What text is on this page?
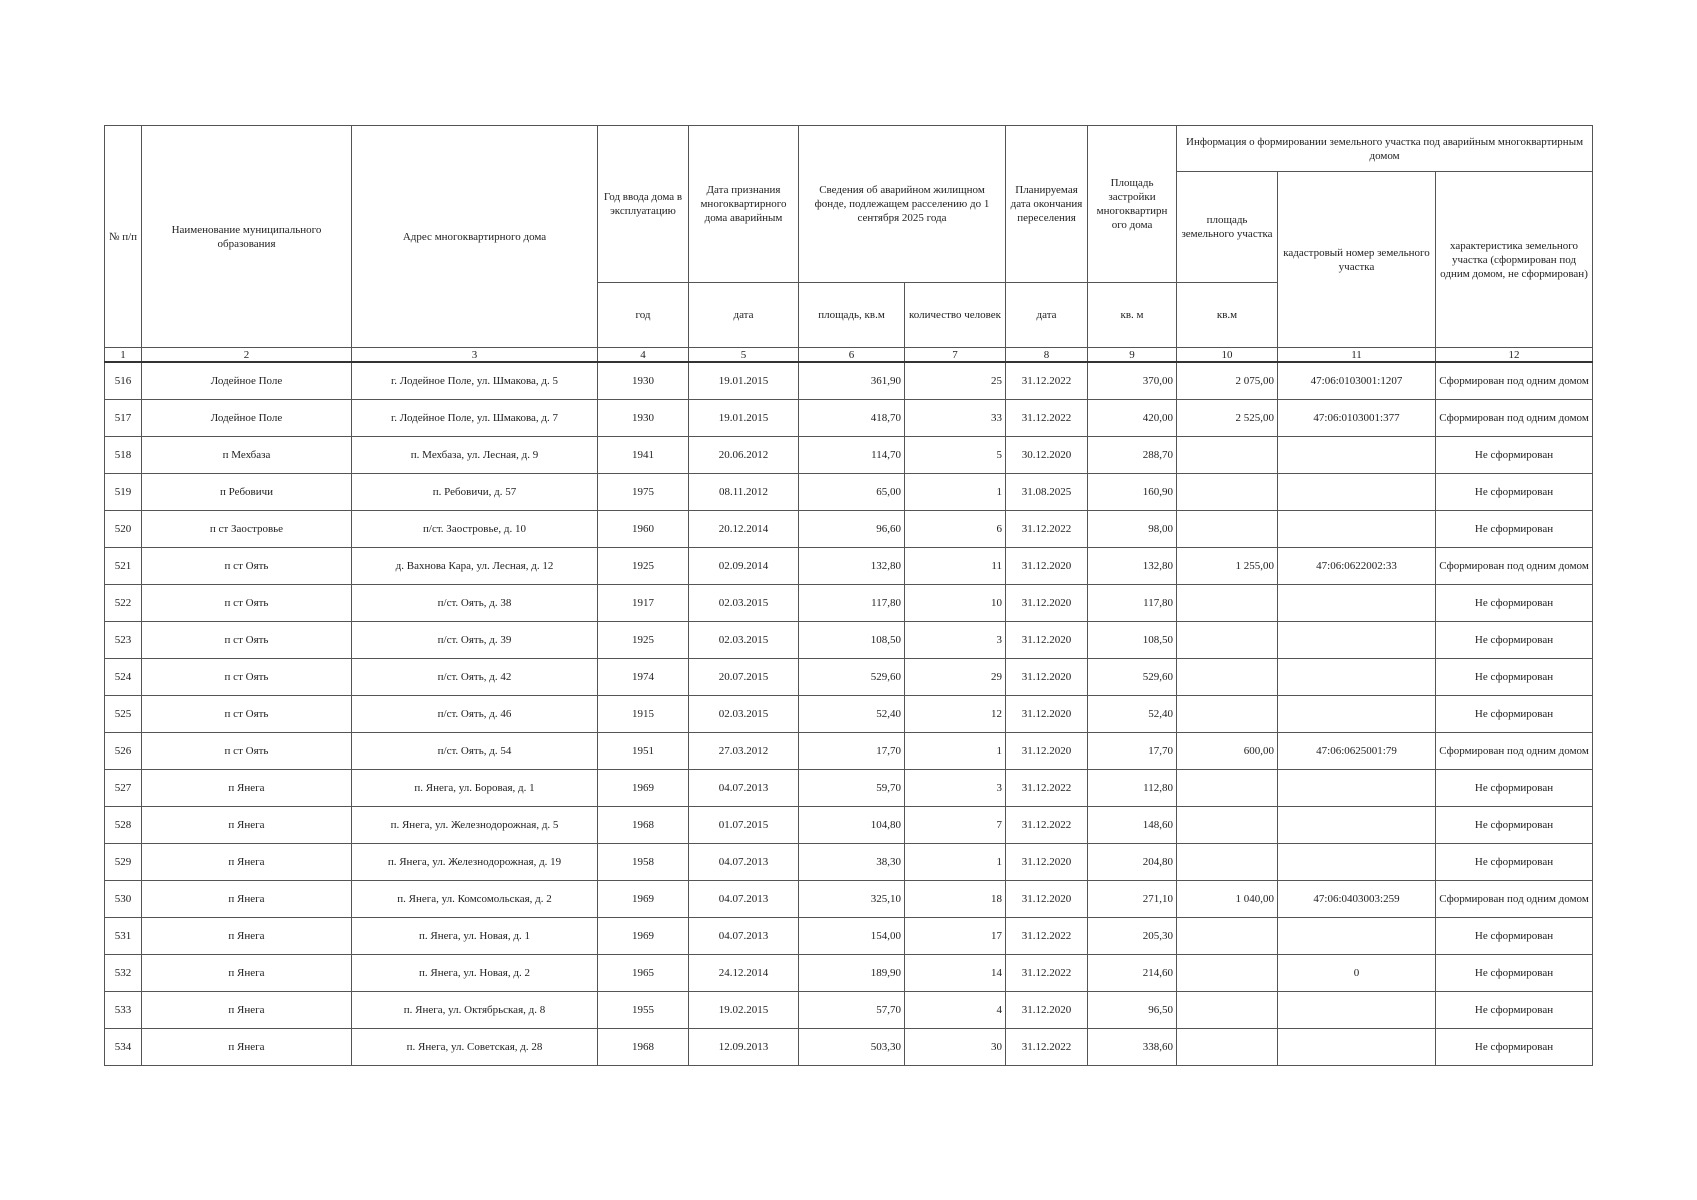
№ п/п	Наименование муниципального образования	Адрес многоквартирного дома	Год ввода дома в эксплуатацию	Дата признания многоквартирного дома аварийным	Сведения об аварийном жилищном фонде, подлежащем расселению до 1 сентября 2025 года		Планируемая дата окончания переселения	Площадь застройки многоквартирн ого дома	Информация о формировании земельного участка под аварийным многоквартирным домом		
									площадь земельного участка	кадастровый номер земельного участка	характеристика земельного участка (сформирован под одним домом, не сформирован)
			год	дата	площадь, кв.м	количество человек	дата	кв. м	кв.м		
1	2	3	4	5	6	7	8	9	10	11	12
516	Лодейное Поле	г. Лодейное Поле, ул. Шмакова, д. 5	1930	19.01.2015	361,90	25	31.12.2022	370,00	2 075,00	47:06:0103001:1207	Сформирован под одним домом
517	Лодейное Поле	г. Лодейное Поле, ул. Шмакова, д. 7	1930	19.01.2015	418,70	33	31.12.2022	420,00	2 525,00	47:06:0103001:377	Сформирован под одним домом
518	п Мехбаза	п. Мехбаза, ул. Лесная, д. 9	1941	20.06.2012	114,70	5	30.12.2020	288,70			Не сформирован
519	п Ребовичи	п. Ребовичи, д. 57	1975	08.11.2012	65,00	1	31.08.2025	160,90			Не сформирован
520	п ст Заостровье	п/ст. Заостровье, д. 10	1960	20.12.2014	96,60	6	31.12.2022	98,00			Не сформирован
521	п ст Оять	д. Вахнова Кара, ул. Лесная, д. 12	1925	02.09.2014	132,80	11	31.12.2020	132,80	1 255,00	47:06:0622002:33	Сформирован под одним домом
522	п ст Оять	п/ст. Оять, д. 38	1917	02.03.2015	117,80	10	31.12.2020	117,80			Не сформирован
523	п ст Оять	п/ст. Оять, д. 39	1925	02.03.2015	108,50	3	31.12.2020	108,50			Не сформирован
524	п ст Оять	п/ст. Оять, д. 42	1974	20.07.2015	529,60	29	31.12.2020	529,60			Не сформирован
525	п ст Оять	п/ст. Оять, д. 46	1915	02.03.2015	52,40	12	31.12.2020	52,40			Не сформирован
526	п ст Оять	п/ст. Оять, д. 54	1951	27.03.2012	17,70	1	31.12.2020	17,70	600,00	47:06:0625001:79	Сформирован под одним домом
527	п Янега	п. Янега, ул. Боровая, д. 1	1969	04.07.2013	59,70	3	31.12.2022	112,80			Не сформирован
528	п Янега	п. Янега, ул. Железнодорожная, д. 5	1968	01.07.2015	104,80	7	31.12.2022	148,60			Не сформирован
529	п Янега	п. Янега, ул. Железнодорожная, д. 19	1958	04.07.2013	38,30	1	31.12.2020	204,80			Не сформирован
530	п Янега	п. Янега, ул. Комсомольская, д. 2	1969	04.07.2013	325,10	18	31.12.2020	271,10	1 040,00	47:06:0403003:259	Сформирован под одним домом
531	п Янега	п. Янега, ул. Новая, д. 1	1969	04.07.2013	154,00	17	31.12.2022	205,30			Не сформирован
532	п Янега	п. Янега, ул. Новая, д. 2	1965	24.12.2014	189,90	14	31.12.2022	214,60		0	Не сформирован
533	п Янега	п. Янега, ул. Октябрьская, д. 8	1955	19.02.2015	57,70	4	31.12.2020	96,50			Не сформирован
534	п Янега	п. Янега, ул. Советская, д. 28	1968	12.09.2013	503,30	30	31.12.2022	338,60			Не сформирован
